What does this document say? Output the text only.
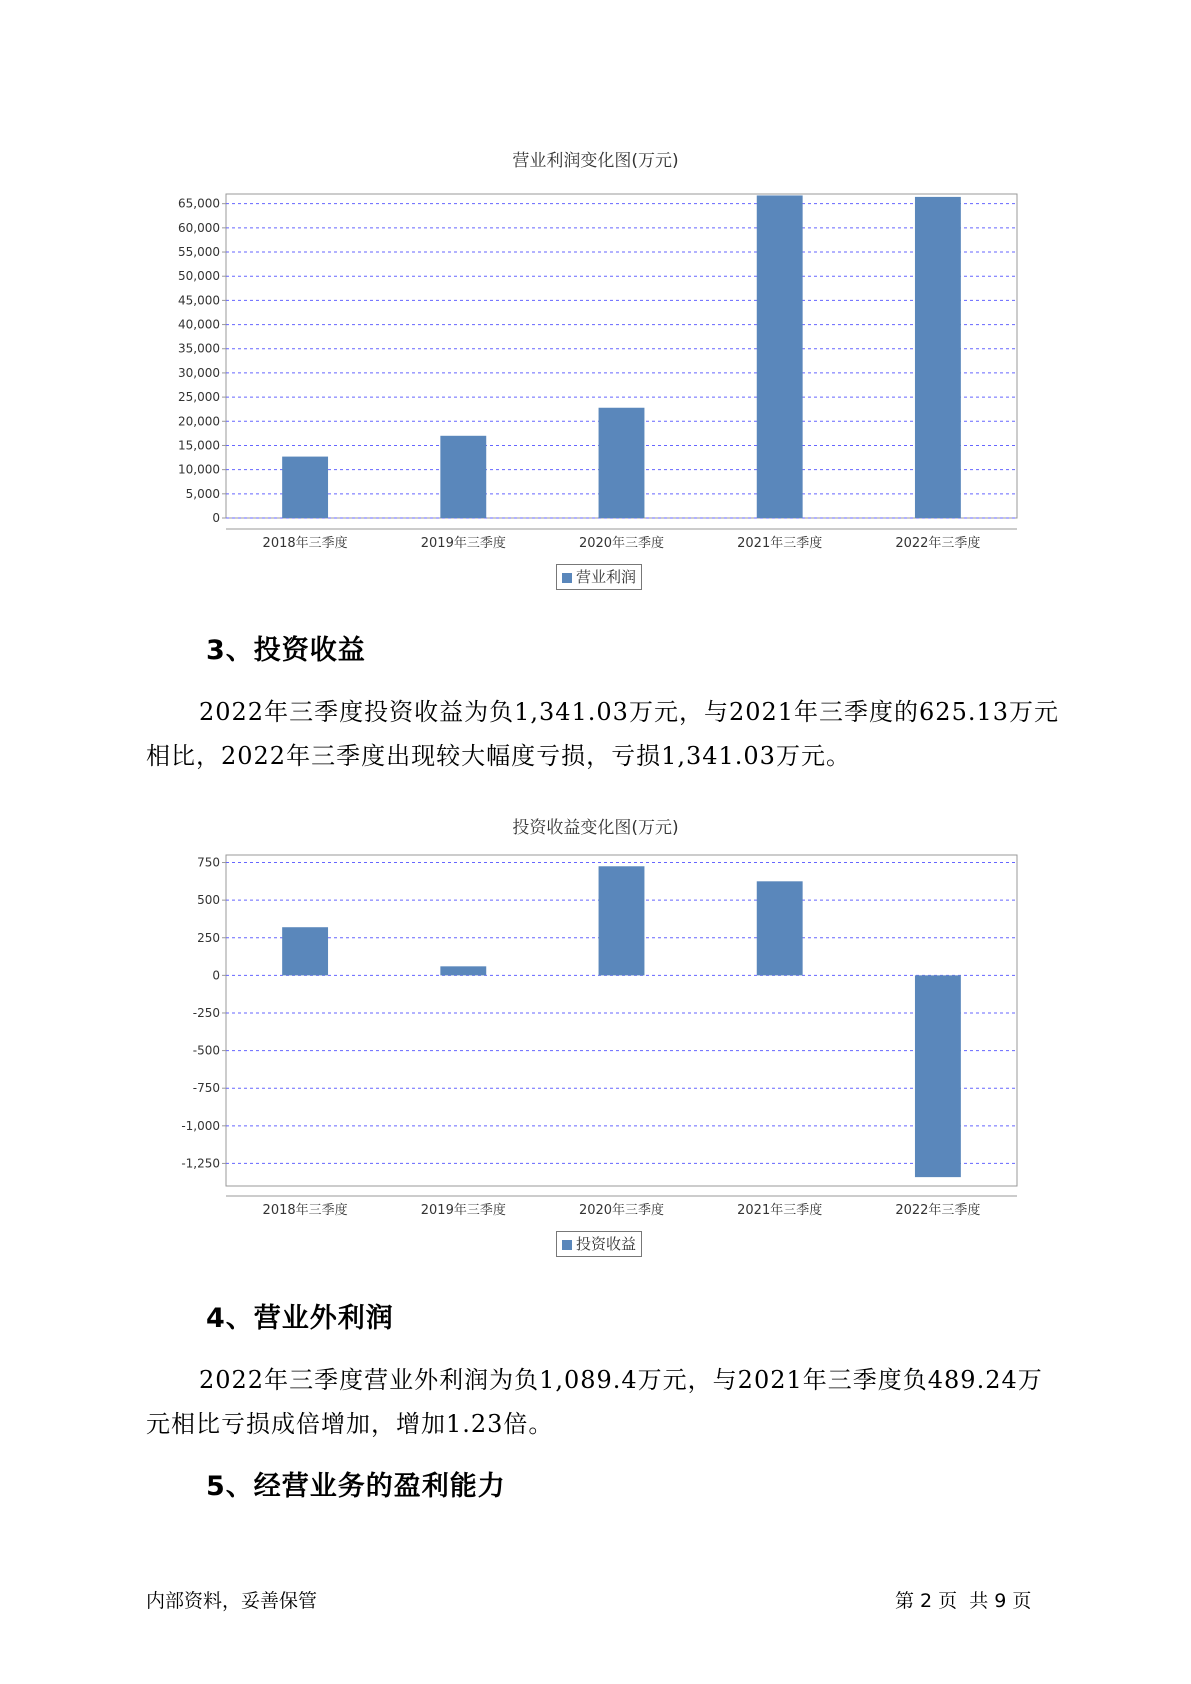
营业利润变化图(万元)
0
5,000
10,000
15,000
20,000
25,000
30,000
35,000
40,000
45,000
50,000
55,000
60,000
65,000
2018年三季度	2019年三季度	2020年三季度	2021年三季度	2022年三季度
营业利润
3、投资收益

2022年三季度投资收益为负1,341.03万元，与2021年三季度的625.13万元相比，2022年三季度出现较大幅度亏损，亏损1,341.03万元。

投资收益变化图(万元)
750
500
250
0
-250
-500
-750
-1,000
-1,250
2018年三季度	2019年三季度	2020年三季度	2021年三季度	2022年三季度
投资收益
4、营业外利润

2022年三季度营业外利润为负1,089.4万元，与2021年三季度负489.24万元相比亏损成倍增加，增加1.23倍。

5、经营业务的盈利能力
内部资料，妥善保管	第 2 页  共 9 页
